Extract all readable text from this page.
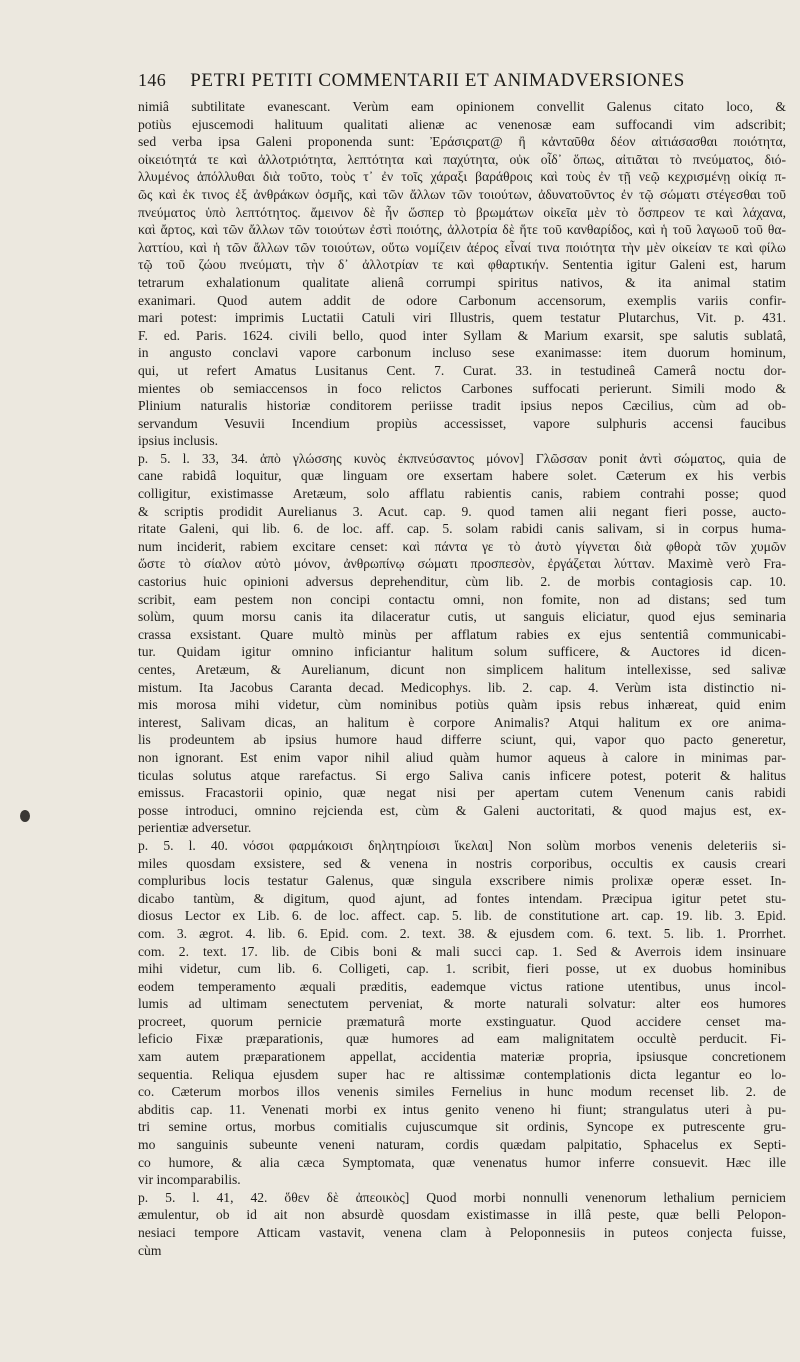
146 PETRI PETITI COMMENTARII ET ANIMADVERSIONES

nimiâ subtilitate evanescant. Verùm eam opinionem convellit Galenus citato loco, &
potiùs ejuscemodi halituum qualitati alienæ ac venenosæ eam suffocandi vim adscribit;
sed verba ipsa Galeni proponenda sunt: Ἐράσιςρατ@ ἢ κἀνταῦθα δέον αἰτιάσασθαι ποιότητα,
οἰκειότητά τε καὶ ἀλλοτριότητα, λεπτότητα καὶ παχύτητα, οὐκ οἶδ᾽ ὅπως, αἰτιᾶται τὸ πνεύματος, διό-
λλυμένος ἀπόλλυθαι διὰ τοῦτο, τοὺς τ᾽ ἐν τοῖς χάραξι βαράθροις καὶ τοὺς ἐν τῇ νεῷ κεχρισμένῃ οἰκίᾳ π-
ῶς καὶ ἐκ τινος ἐξ ἀνθράκων ὀσμῆς, καὶ τῶν ἄλλων τῶν τοιούτων, ἀδυνατοῦντος ἐν τῷ σώματι στέγεσθαι τοῦ
πνεύματος ὑπὸ λεπτότητος. ἄμεινον δὲ ἦν ὥσπερ τὸ βρωμάτων οἰκεῖα μὲν τὸ ὄσπρεον τε καὶ λάχανα,
καὶ ἄρτος, καὶ τῶν ἄλλων τῶν τοιούτων ἐστὶ ποιότης, ἀλλοτρία δὲ ἥτε τοῦ κανθαρίδος, καὶ ἡ τοῦ λαγωοῦ τοῦ θα-
λαττίου, καὶ ἡ τῶν ἄλλων τῶν τοιούτων, οὕτω νομίζειν ἀέρος εἶναί τινα ποιότητα τὴν μὲν οἰκείαν τε καὶ φίλω
τῷ τοῦ ζώου πνεύματι, τὴν δ᾽ ἀλλοτρίαν τε καὶ φθαρτικήν. Sententia igitur Galeni est, harum
tetrarum exhalationum qualitate alienâ corrumpi spiritus nativos, & ita animal statim
exanimari. Quod autem addit de odore Carbonum accensorum, exemplis variis confir-
mari potest: imprimis Luctatii Catuli viri Illustris, quem testatur Plutarchus, Vit. p. 431.
F. ed. Paris. 1624. civili bello, quod inter Syllam & Marium exarsit, spe salutis sublatâ,
in angusto conclavi vapore carbonum incluso sese exanimasse: item duorum hominum,
qui, ut refert Amatus Lusitanus Cent. 7. Curat. 33. in testudineâ Camerâ noctu dor-
mientes ob semiaccensos in foco relictos Carbones suffocati perierunt. Simili modo &
Plinium naturalis historiæ conditorem periisse tradit ipsius nepos Cæcilius, cùm ad ob-
servandum Vesuvii Incendium propiùs accessisset, vapore sulphuris accensi faucibus
ipsius inclusis.

p. 5. l. 33, 34. ἀπὸ γλώσσης κυνὸς ἐκπνεύσαντος μόνον] Γλῶσσαν ponit ἀντὶ σώματος, quia de
cane rabidâ loquitur, quæ linguam ore exsertam habere solet. Cæterum ex his verbis
colligitur, existimasse Aretæum, solo afflatu rabientis canis, rabiem contrahi posse; quod
& scriptis prodidit Aurelianus 3. Acut. cap. 9. quod tamen alii negant fieri posse, aucto-
ritate Galeni, qui lib. 6. de loc. aff. cap. 5. solam rabidi canis salivam, si in corpus huma-
num inciderit, rabiem excitare censet: καὶ πάντα γε τὸ ἀυτὸ γίγνεται διὰ φθορὰ τῶν χυμῶν
ὥστε τὸ σίαλον αὐτὸ μόνον, ἀνθρωπίνῳ σώματι προσπεσὸν, ἐργάζεται λύτταν. Maximè verò Fra-
castorius huic opinioni adversus deprehenditur, cùm lib. 2. de morbis contagiosis cap. 10.
scribit, eam pestem non concipi contactu omni, non fomite, non ad distans; sed tum
solùm, quum morsu canis ita dilaceratur cutis, ut sanguis eliciatur, quod ejus seminaria
crassa exsistant. Quare multò minùs per afflatum rabies ex ejus sententiâ communicabi-
tur. Quidam igitur omnino inficiantur halitum solum sufficere, & Auctores id dicen-
centes, Aretæum, & Aurelianum, dicunt non simplicem halitum intellexisse, sed salivæ
mistum. Ita Jacobus Caranta decad. Medicophys. lib. 2. cap. 4. Verùm ista distinctio ni-
mis morosa mihi videtur, cùm nominibus potiùs quàm ipsis rebus inhæreat, quid enim
interest, Salivam dicas, an halitum è corpore Animalis? Atqui halitum ex ore anima-
lis prodeuntem ab ipsius humore haud differre sciunt, qui, vapor quo pacto generetur,
non ignorant. Est enim vapor nihil aliud quàm humor aqueus à calore in minimas par-
ticulas solutus atque rarefactus. Si ergo Saliva canis inficere potest, poterit & halitus
emissus. Fracastorii opinio, quæ negat nisi per apertam cutem Venenum canis rabidi
posse introduci, omnino rejcienda est, cùm & Galeni auctoritati, & quod majus est, ex-
perientiæ adversetur.

p. 5. l. 40. νόσοι φαρμάκοισι δηλητηρίοισι ἴκελαι] Non solùm morbos venenis deleteriis si-
miles quosdam exsistere, sed & venena in nostris corporibus, occultis ex causis creari
compluribus locis testatur Galenus, quæ singula exscribere nimis prolixæ operæ esset. In-
dicabo tantùm, & digitum, quod ajunt, ad fontes intendam. Præcipua igitur petet stu-
diosus Lector ex Lib. 6. de loc. affect. cap. 5. lib. de constitutione art. cap. 19. lib. 3. Epid.
com. 3. ægrot. 4. lib. 6. Epid. com. 2. text. 38. & ejusdem com. 6. text. 5. lib. 1. Prorrhet.
com. 2. text. 17. lib. de Cibis boni & mali succi cap. 1. Sed & Averrois idem insinuare
mihi videtur, cum lib. 6. Colligeti, cap. 1. scribit, fieri posse, ut ex duobus hominibus
eodem temperamento æquali præditis, eademque victus ratione utentibus, unus incol-
lumis ad ultimam senectutem perveniat, & morte naturali solvatur: alter eos humores
procreet, quorum pernicie præmaturâ morte exstinguatur. Quod accidere censet ma-
leficio Fixæ præparationis, quæ humores ad eam malignitatem occultè perducit. Fi-
xam autem præparationem appellat, accidentia materiæ propria, ipsiusque concretionem
sequentia. Reliqua ejusdem super hac re altissimæ contemplationis dicta legantur eo lo-
co. Cæterum morbos illos venenis similes Fernelius in hunc modum recenset lib. 2. de
abditis cap. 11. Venenati morbi ex intus genito veneno hi fiunt; strangulatus uteri à pu-
tri semine ortus, morbus comitialis cujuscumque sit ordinis, Syncope ex putrescente gru-
mo sanguinis subeunte veneni naturam, cordis quædam palpitatio, Sphacelus ex Septi-
co humore, & alia cæca Symptomata, quæ venenatus humor inferre consuevit. Hæc ille
vir incomparabilis.

p. 5. l. 41, 42. ὅθεν δὲ ἀπεοικὸς] Quod morbi nonnulli venenorum lethalium perniciem
æmulentur, ob id ait non absurdè quosdam existimasse in illâ peste, quæ belli Pelopon-
nesiaci tempore Atticam vastavit, venena clam à Peloponnesiis in puteos conjecta fuisse,
cùm
